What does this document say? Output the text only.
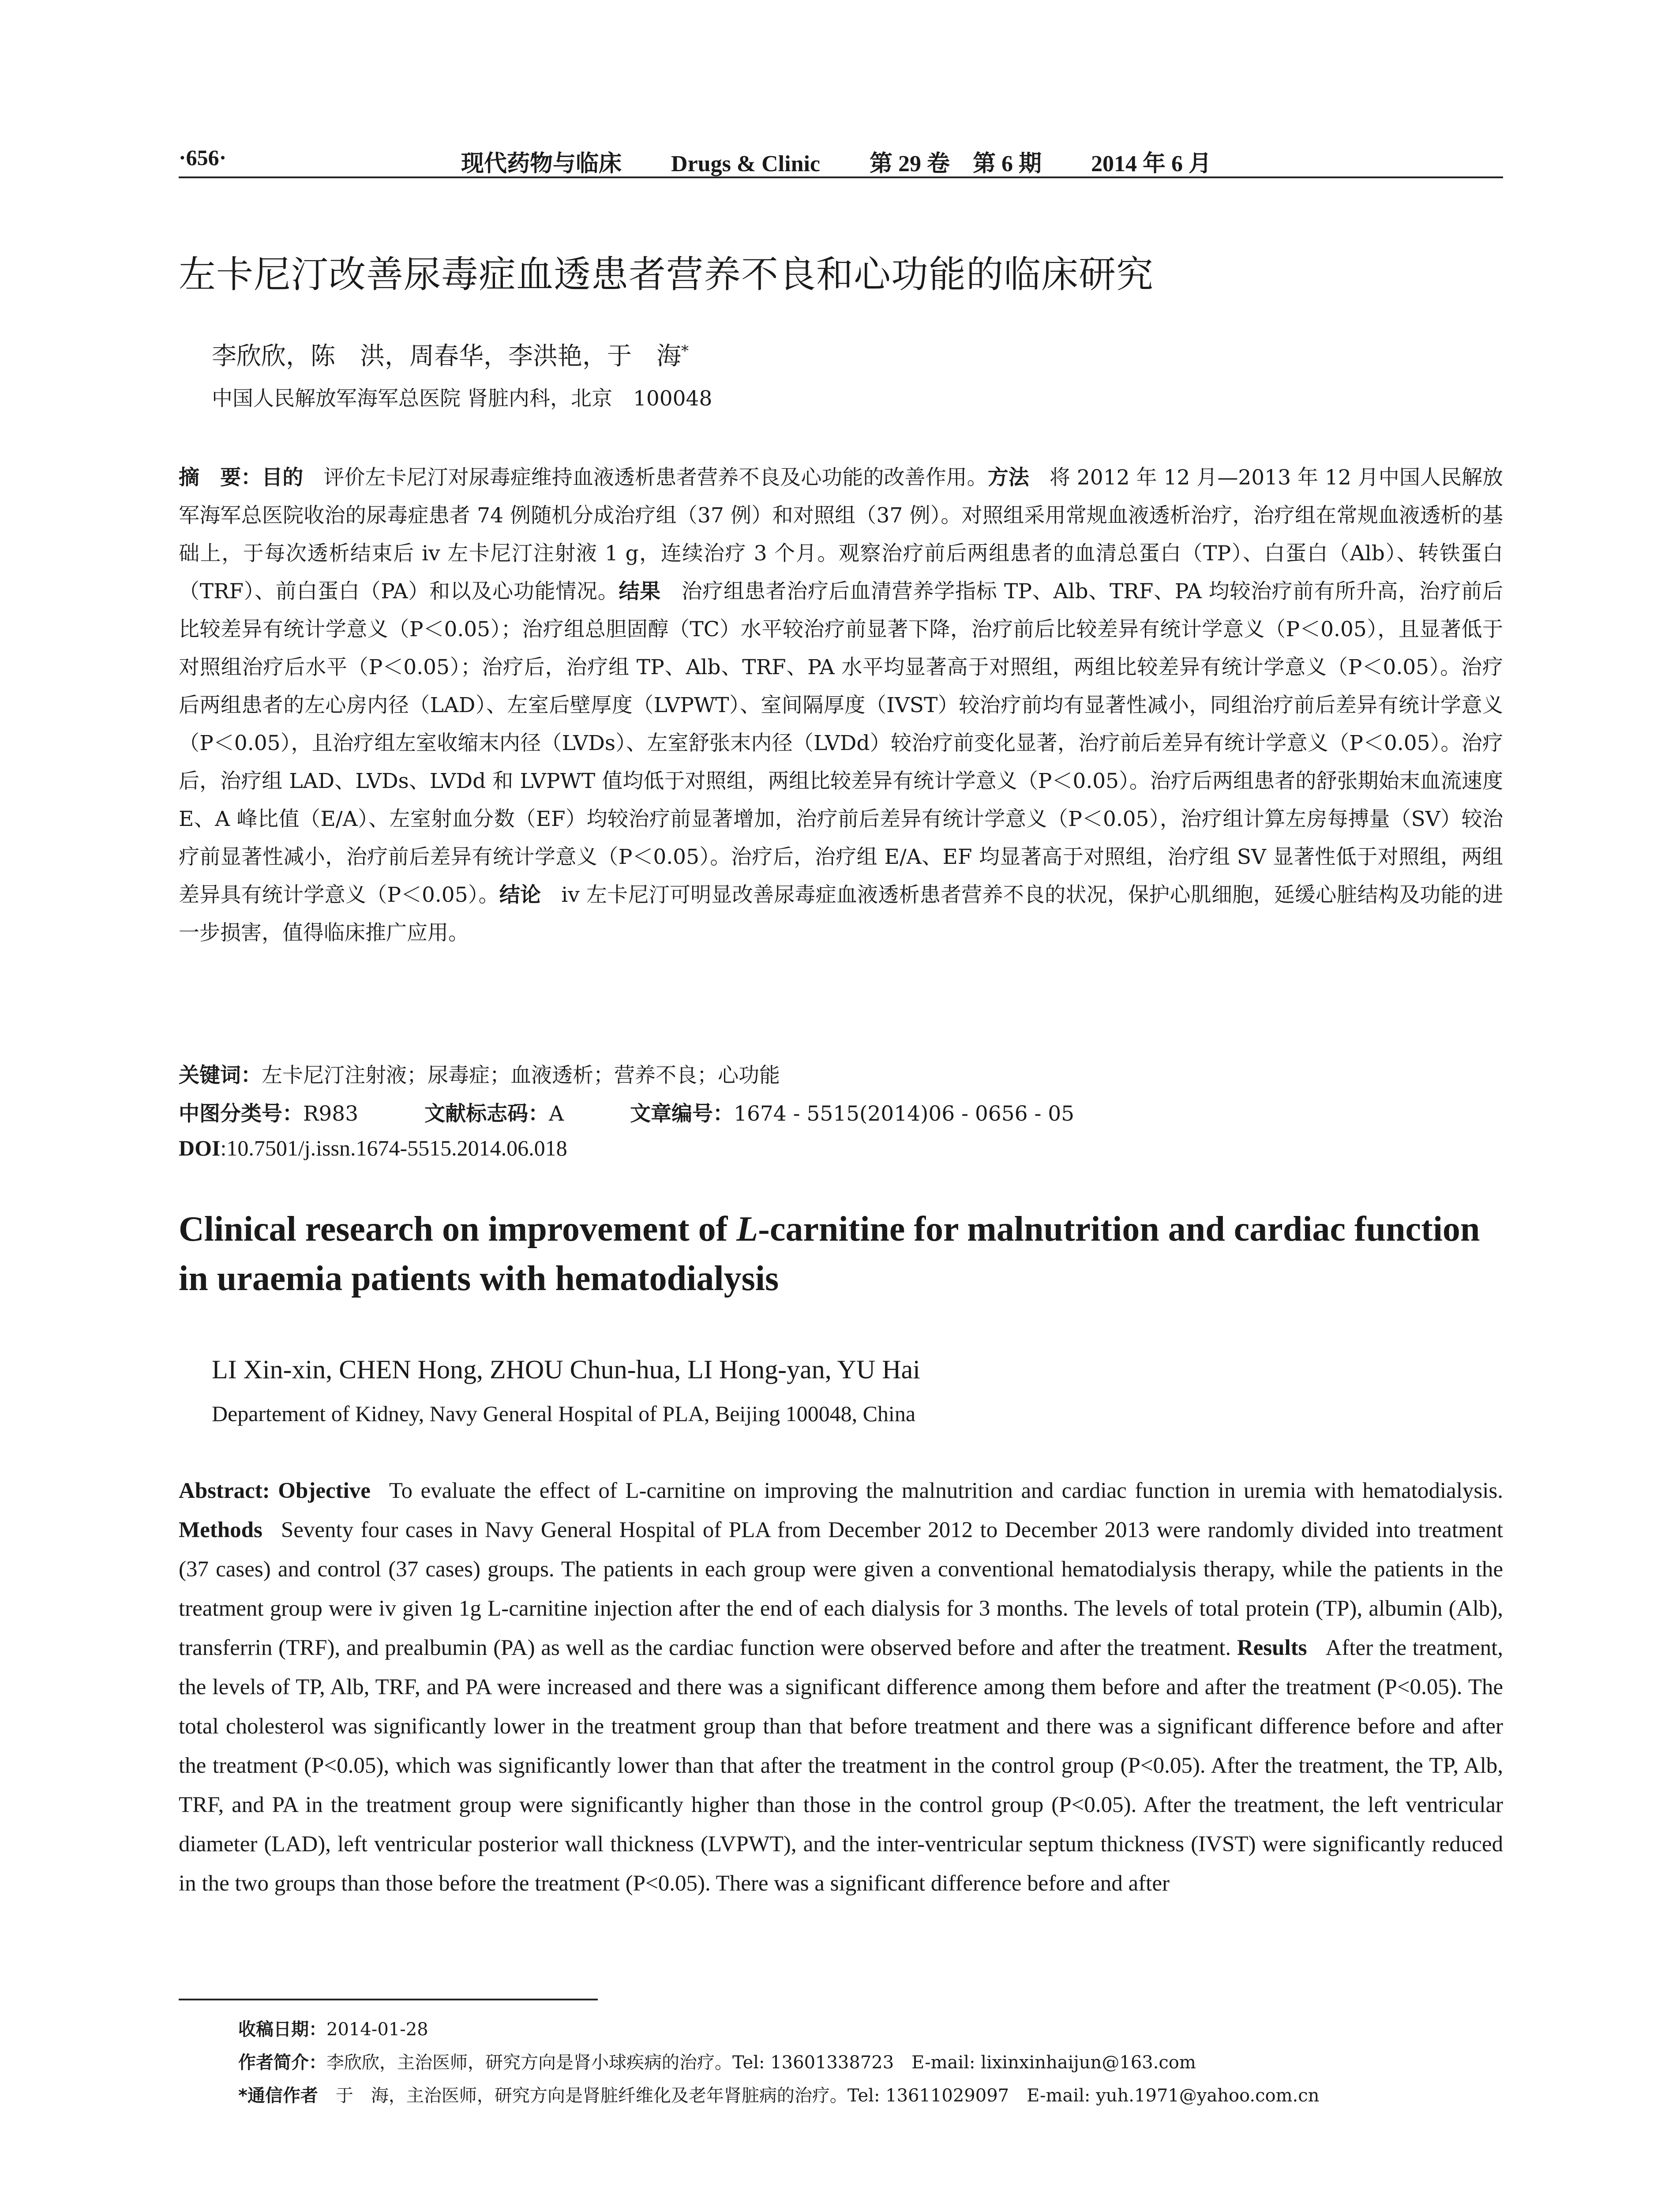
·656·	现代药物与临床 Drugs & Clinic 第 29 卷　第 6 期 2014 年 6 月
左卡尼汀改善尿毒症血透患者营养不良和心功能的临床研究
李欣欣，陈　洪，周春华，李洪艳，于　海*
中国人民解放军海军总医院 肾脏内科，北京　100048

摘　要：目的 评价左卡尼汀对尿毒症维持血液透析患者营养不良及心功能的改善作用。方法 将 2012 年 12 月—2013 年 12 月中国人民解放军海军总医院收治的尿毒症患者 74 例随机分成治疗组（37 例）和对照组（37 例）。对照组采用常规血液透析治疗，治疗组在常规血液透析的基础上，于每次透析结束后 iv 左卡尼汀注射液 1 g，连续治疗 3 个月。观察治疗前后两组患者的血清总蛋白（TP）、白蛋白（Alb）、转铁蛋白（TRF）、前白蛋白（PA）和以及心功能情况。结果 治疗组患者治疗后血清营养学指标 TP、Alb、TRF、PA 均较治疗前有所升高，治疗前后比较差异有统计学意义（P＜0.05）；治疗组总胆固醇（TC）水平较治疗前显著下降，治疗前后比较差异有统计学意义（P＜0.05），且显著低于对照组治疗后水平（P＜0.05）；治疗后，治疗组 TP、Alb、TRF、PA 水平均显著高于对照组，两组比较差异有统计学意义（P＜0.05）。治疗后两组患者的左心房内径（LAD）、左室后壁厚度（LVPWT）、室间隔厚度（IVST）较治疗前均有显著性减小，同组治疗前后差异有统计学意义（P＜0.05），且治疗组左室收缩末内径（LVDs）、左室舒张末内径（LVDd）较治疗前变化显著，治疗前后差异有统计学意义（P＜0.05）。治疗后，治疗组 LAD、LVDs、LVDd 和 LVPWT 值均低于对照组，两组比较差异有统计学意义（P＜0.05）。治疗后两组患者的舒张期始末血流速度 E、A 峰比值（E/A）、左室射血分数（EF）均较治疗前显著增加，治疗前后差异有统计学意义（P＜0.05），治疗组计算左房每搏量（SV）较治疗前显著性减小，治疗前后差异有统计学意义（P＜0.05）。治疗后，治疗组 E/A、EF 均显著高于对照组，治疗组 SV 显著性低于对照组，两组差异具有统计学意义（P＜0.05）。结论 iv 左卡尼汀可明显改善尿毒症血液透析患者营养不良的状况，保护心肌细胞，延缓心脏结构及功能的进一步损害，值得临床推广应用。

关键词：左卡尼汀注射液；尿毒症；血液透析；营养不良；心功能
中图分类号：R983	文献标志码：A	文章编号：1674 - 5515(2014)06 - 0656 - 05
DOI:10.7501/j.issn.1674-5515.2014.06.018

Clinical research on improvement of L-carnitine for malnutrition and cardiac function in uraemia patients with hematodialysis

LI Xin-xin, CHEN Hong, ZHOU Chun-hua, LI Hong-yan, YU Hai
Departement of Kidney, Navy General Hospital of PLA, Beijing 100048, China

Abstract: Objective To evaluate the effect of L-carnitine on improving the malnutrition and cardiac function in uremia with hematodialysis. Methods Seventy four cases in Navy General Hospital of PLA from December 2012 to December 2013 were randomly divided into treatment (37 cases) and control (37 cases) groups. The patients in each group were given a conventional hematodialysis therapy, while the patients in the treatment group were iv given 1g L-carnitine injection after the end of each dialysis for 3 months. The levels of total protein (TP), albumin (Alb), transferrin (TRF), and prealbumin (PA) as well as the cardiac function were observed before and after the treatment. Results After the treatment, the levels of TP, Alb, TRF, and PA were increased and there was a significant difference among them before and after the treatment (P<0.05). The total cholesterol was significantly lower in the treatment group than that before treatment and there was a significant difference before and after the treatment (P<0.05), which was significantly lower than that after the treatment in the control group (P<0.05). After the treatment, the TP, Alb, TRF, and PA in the treatment group were significantly higher than those in the control group (P<0.05). After the treatment, the left ventricular diameter (LAD), left ventricular posterior wall thickness (LVPWT), and the inter-ventricular septum thickness (IVST) were significantly reduced in the two groups than those before the treatment (P<0.05). There was a significant difference before and after

收稿日期：2014-01-28
作者简介：李欣欣，主治医师，研究方向是肾小球疾病的治疗。Tel: 13601338723　E-mail: lixinxinhaijun@163.com
*通信作者 于　海，主治医师，研究方向是肾脏纤维化及老年肾脏病的治疗。Tel: 13611029097　E-mail: yuh.1971@yahoo.com.cn
